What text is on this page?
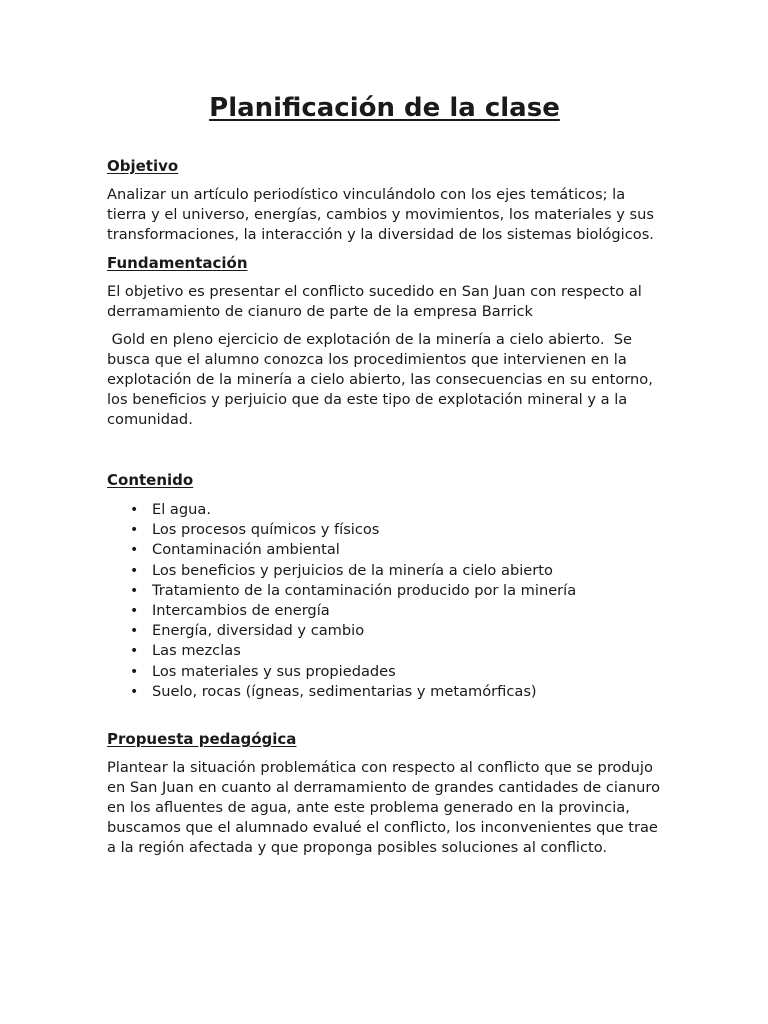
Planificación de la clase
Objetivo

Analizar un artículo periodístico vinculándolo con los ejes temáticos; la tierra y el universo, energías, cambios y movimientos, los materiales y sus transformaciones, la interacción y la diversidad de los sistemas biológicos.

Fundamentación

El objetivo es presentar el conflicto sucedido en San Juan con respecto al derramamiento de cianuro de parte de la empresa Barrick

Gold en pleno ejercicio de explotación de la minería a cielo abierto.  Se busca que el alumno conozca los procedimientos que intervienen en la explotación de la minería a cielo abierto, las consecuencias en su entorno, los beneficios y perjuicio que da este tipo de explotación mineral y a la comunidad.

Contenido
• El agua.
• Los procesos químicos y físicos
• Contaminación ambiental
• Los beneficios y perjuicios de la minería a cielo abierto
• Tratamiento de la contaminación producido por la minería
• Intercambios de energía
• Energía, diversidad y cambio
• Las mezclas
• Los materiales y sus propiedades
• Suelo, rocas (ígneas, sedimentarias y metamórficas)
Propuesta pedagógica

Plantear la situación problemática con respecto al conflicto que se produjo en San Juan en cuanto al derramamiento de grandes cantidades de cianuro en los afluentes de agua, ante este problema generado en la provincia, buscamos que el alumnado evalué el conflicto, los inconvenientes que trae a la región afectada y que proponga posibles soluciones al conflicto.
